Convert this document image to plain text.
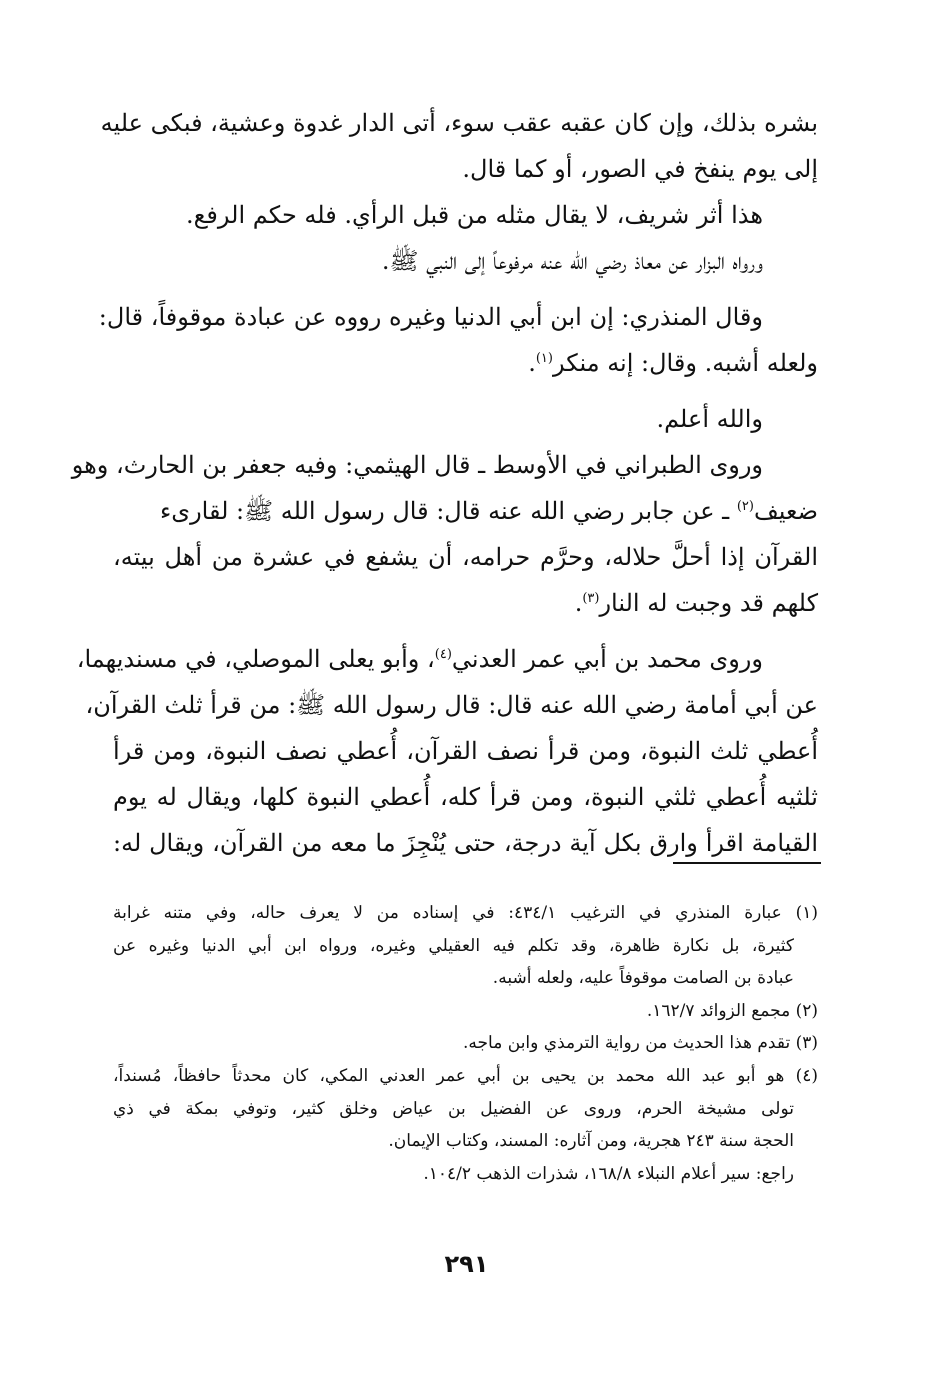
بشره بذلك، وإن كان عقبه عقب سوء، أتى الدار غدوة وعشية، فبكى عليه
إلى يوم ينفخ في الصور، أو كما قال.
هذا أثر شريف، لا يقال مثله من قبل الرأي. فله حكم الرفع.
ورواه البزار عن معاذ رضي الله عنه مرفوعاً إلى النبي ﷺ.
وقال المنذري: إن ابن أبي الدنيا وغيره رووه عن عبادة موقوفاً، قال:
ولعله أشبه. وقال: إنه منكر$^{(١)}$.
والله أعلم.
وروى الطبراني في الأوسط ـ قال الهيثمي: وفيه جعفر بن الحارث، وهو
ضعيف$^{(٢)}$ ـ عن جابر رضي الله عنه قال: قال رسول الله ﷺ: لقارىء
القرآن إذا أحلَّ حلاله، وحرَّم حرامه، أن يشفع في عشرة من أهل بيته،
كلهم قد وجبت له النار$^{(٣)}$.
وروى محمد بن أبي عمر العدني$^{(٤)}$، وأبو يعلى الموصلي، في مسنديهما،
عن أبي أمامة رضي الله عنه قال: قال رسول الله ﷺ: من قرأ ثلث القرآن،
أُعطي ثلث النبوة، ومن قرأ نصف القرآن، أُعطي نصف النبوة، ومن قرأ
ثلثيه أُعطي ثلثي النبوة، ومن قرأ كله، أُعطي النبوة كلها، ويقال له يوم
القيامة اقرأ وارق بكل آية درجة، حتى يُنْجِزَ ما معه من القرآن، ويقال له:
(١) عبارة المنذري في الترغيب ٤٣٤/١: في إسناده من لا يعرف حاله، وفي متنه غرابة
كثيرة، بل نكارة ظاهرة، وقد تكلم فيه العقيلي وغيره، ورواه ابن أبي الدنيا وغيره عن
عبادة بن الصامت موقوفاً عليه، ولعله أشبه.
(٢) مجمع الزوائد ١٦٢/٧.
(٣) تقدم هذا الحديث من رواية الترمذي وابن ماجه.
(٤) هو أبو عبد الله محمد بن يحيى بن أبي عمر العدني المكي، كان محدثاً حافظاً، مُسنداً،
تولى مشيخة الحرم، وروى عن الفضيل بن عياض وخلق كثير، وتوفي بمكة في ذي
الحجة سنة ٢٤٣ هجرية، ومن آثاره: المسند، وكتاب الإيمان.
راجع: سير أعلام النبلاء ١٦٨/٨، شذرات الذهب ١٠٤/٢.
٢٩١
